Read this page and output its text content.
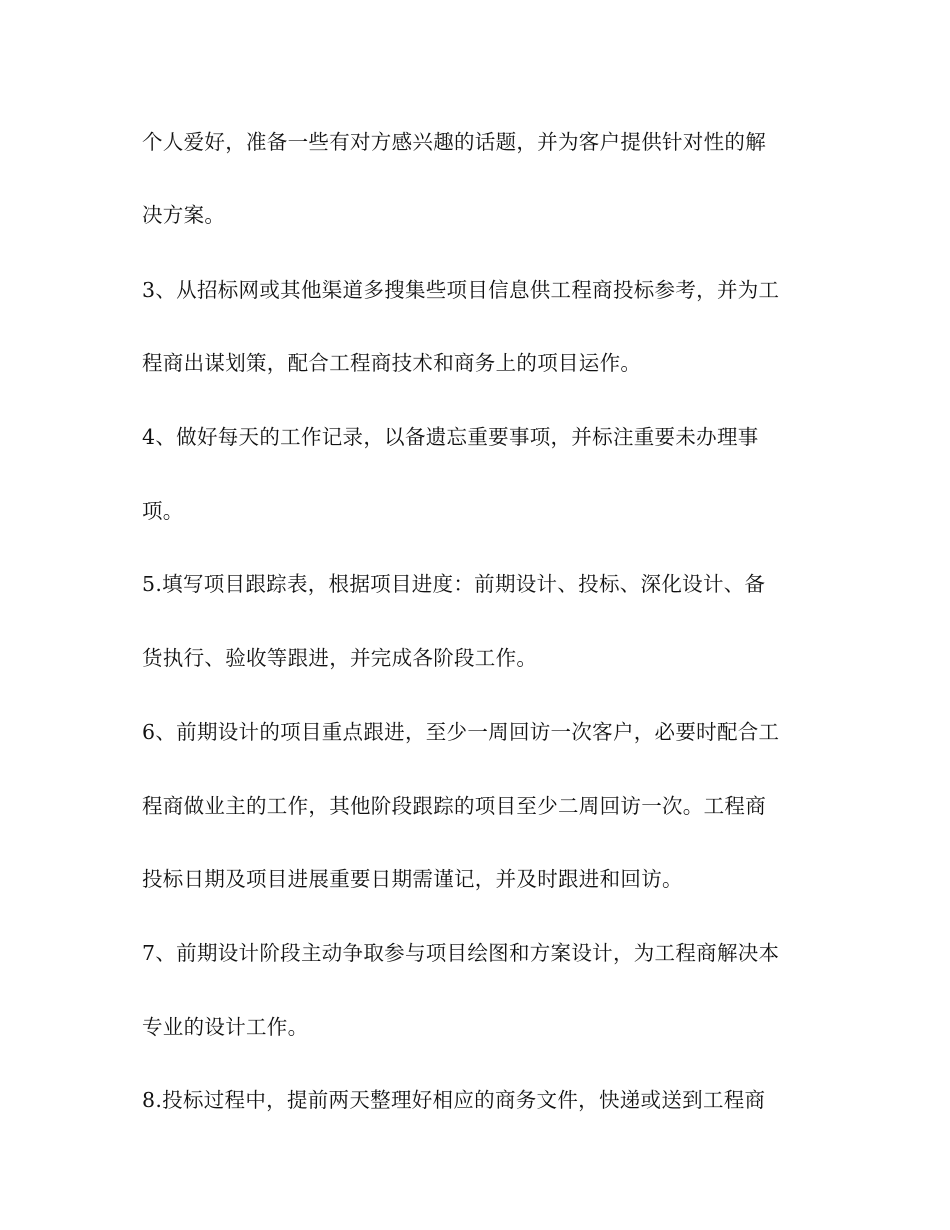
个人爱好，准备一些有对方感兴趣的话题，并为客户提供针对性的解
决方案。
3、从招标网或其他渠道多搜集些项目信息供工程商投标参考，并为工
程商出谋划策，配合工程商技术和商务上的项目运作。
4、做好每天的工作记录，以备遗忘重要事项，并标注重要未办理事
项。
5.填写项目跟踪表，根据项目进度：前期设计、投标、深化设计、备
货执行、验收等跟进，并完成各阶段工作。
6、前期设计的项目重点跟进，至少一周回访一次客户，必要时配合工
程商做业主的工作，其他阶段跟踪的项目至少二周回访一次。工程商
投标日期及项目进展重要日期需谨记，并及时跟进和回访。
7、前期设计阶段主动争取参与项目绘图和方案设计，为工程商解决本
专业的设计工作。
8.投标过程中，提前两天整理好相应的商务文件，快递或送到工程商
